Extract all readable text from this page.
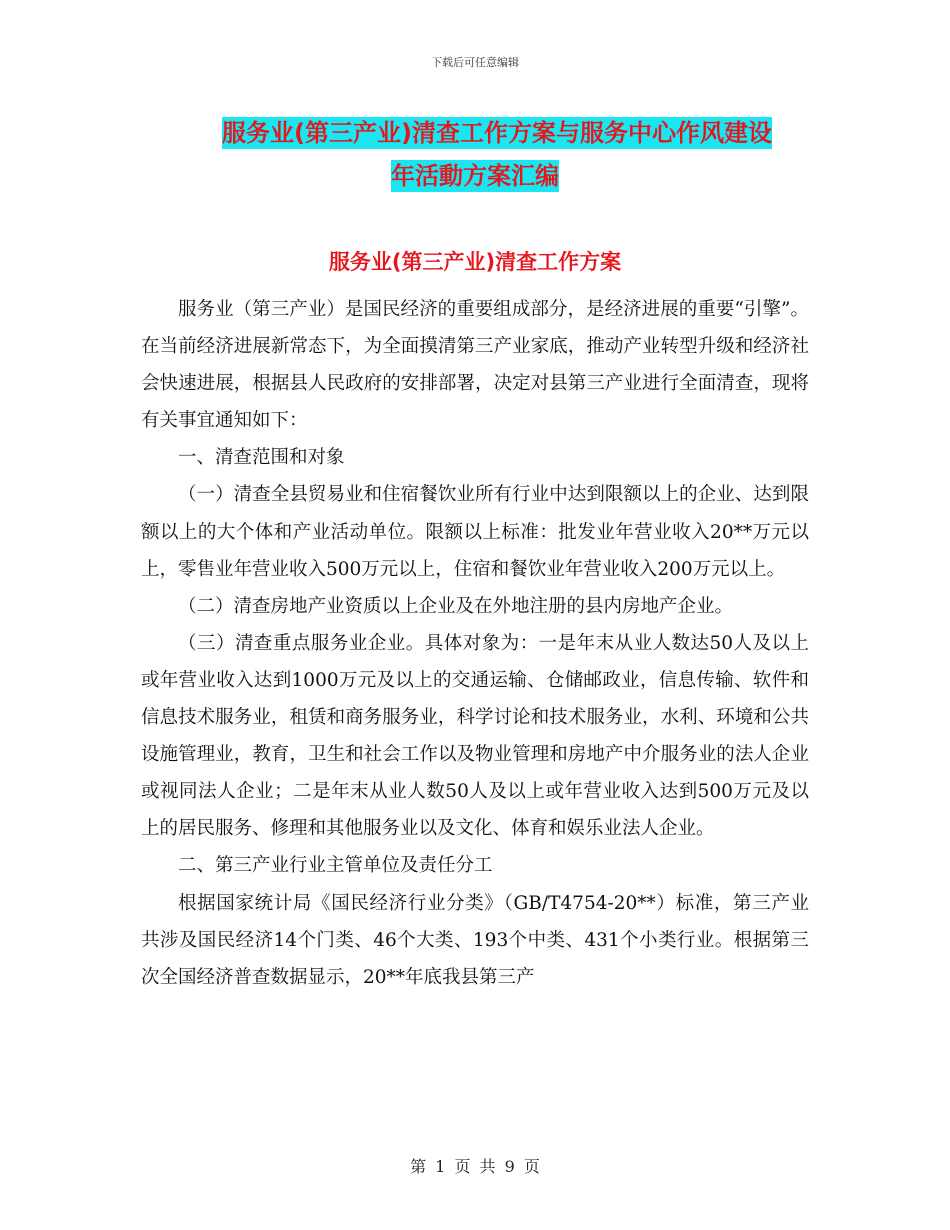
下载后可任意编辑
服务业(第三产业)清查工作方案与服务中心作风建设
年活動方案汇编
服务业(第三产业)清查工作方案

服务业（第三产业）是国民经济的重要组成部分，是经济进展的重要“引擎”。在当前经济进展新常态下，为全面摸清第三产业家底，推动产业转型升级和经济社会快速进展，根据县人民政府的安排部署，决定对县第三产业进行全面清查，现将有关事宜通知如下：

一、清查范围和对象

（一）清查全县贸易业和住宿餐饮业所有行业中达到限额以上的企业、达到限额以上的大个体和产业活动单位。限额以上标准：批发业年营业收入20**万元以上，零售业年营业收入500万元以上，住宿和餐饮业年营业收入200万元以上。

（二）清查房地产业资质以上企业及在外地注册的县内房地产企业。

（三）清查重点服务业企业。具体对象为：一是年末从业人数达50人及以上或年营业收入达到1000万元及以上的交通运输、仓储邮政业，信息传输、软件和信息技术服务业，租赁和商务服务业，科学讨论和技术服务业，水利、环境和公共设施管理业，教育，卫生和社会工作以及物业管理和房地产中介服务业的法人企业或视同法人企业；二是年末从业人数50人及以上或年营业收入达到500万元及以上的居民服务、修理和其他服务业以及文化、体育和娱乐业法人企业。

二、第三产业行业主管单位及责任分工

根据国家统计局《国民经济行业分类》（GB/T4754-20**）标准，第三产业共涉及国民经济14个门类、46个大类、193个中类、431个小类行业。根据第三次全国经济普查数据显示，20**年底我县第三产

第 1 页 共 9 页
